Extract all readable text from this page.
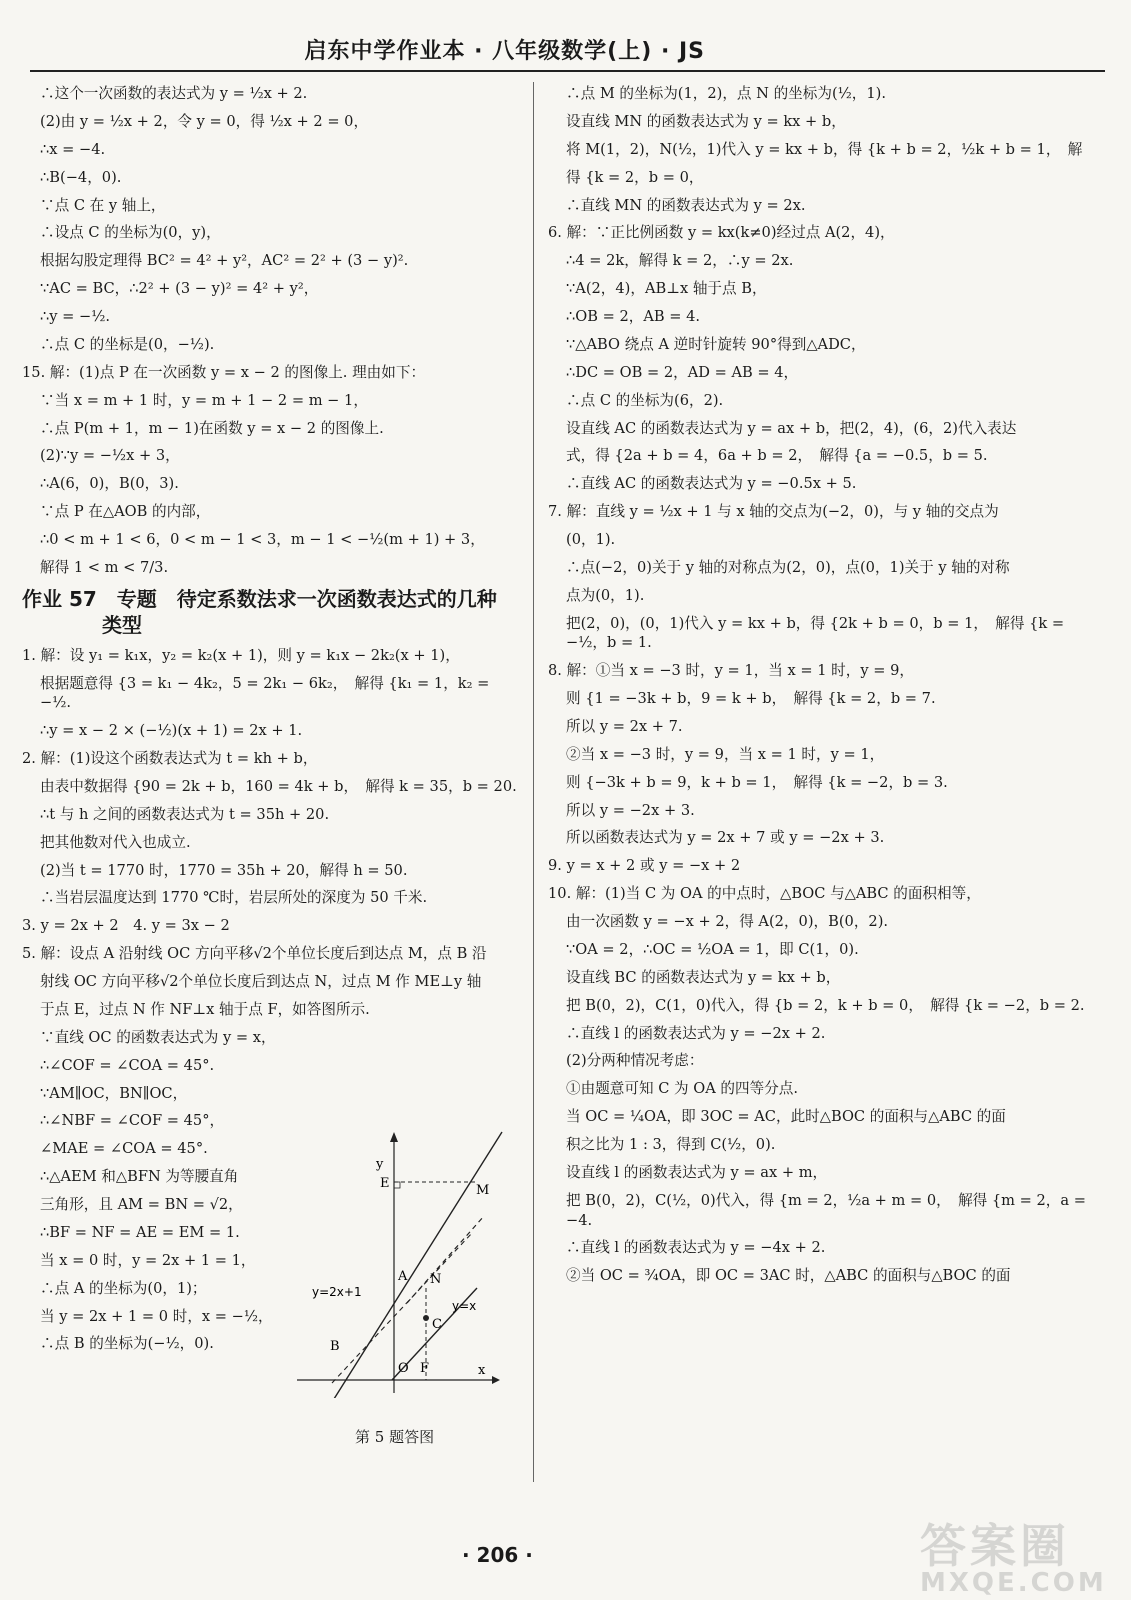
启东中学作业本 · 八年级数学(上) · JS
∴这个一次函数的表达式为 y = ½x + 2.
(2)由 y = ½x + 2，令 y = 0，得 ½x + 2 = 0，
∴x = −4.
∴B(−4，0).
∵点 C 在 y 轴上，
∴设点 C 的坐标为(0，y)，
根据勾股定理得 BC² = 4² + y²，AC² = 2² + (3 − y)².
∵AC = BC，∴2² + (3 − y)² = 4² + y²，
∴y = −½.
∴点 C 的坐标是(0，−½).
15. 解：(1)点 P 在一次函数 y = x − 2 的图像上. 理由如下：
∵当 x = m + 1 时，y = m + 1 − 2 = m − 1，
∴点 P(m + 1，m − 1)在函数 y = x − 2 的图像上.
(2)∵y = −½x + 3，
∴A(6，0)，B(0，3).
∵点 P 在△AOB 的内部，
∴0 < m + 1 < 6，0 < m − 1 < 3，m − 1 < −½(m + 1) + 3，
解得 1 < m < 7/3.
作业 57　专题　待定系数法求一次函数表达式的几种
类型
1. 解：设 y₁ = k₁x，y₂ = k₂(x + 1)，则 y = k₁x − 2k₂(x + 1)，
根据题意得 {3 = k₁ − 4k₂，5 = 2k₁ − 6k₂，　解得 {k₁ = 1，k₂ = −½.
∴y = x − 2 × (−½)(x + 1) = 2x + 1.
2. 解：(1)设这个函数表达式为 t = kh + b，
由表中数据得 {90 = 2k + b，160 = 4k + b，　解得 k = 35，b = 20.
∴t 与 h 之间的函数表达式为 t = 35h + 20.
把其他数对代入也成立.
(2)当 t = 1770 时，1770 = 35h + 20，解得 h = 50.
∴当岩层温度达到 1770 ℃时，岩层所处的深度为 50 千米.
3. y = 2x + 2　4. y = 3x − 2
5. 解：设点 A 沿射线 OC 方向平移√2个单位长度后到达点 M，点 B 沿
射线 OC 方向平移√2个单位长度后到达点 N，过点 M 作 ME⊥y 轴
于点 E，过点 N 作 NF⊥x 轴于点 F，如答图所示.
∵直线 OC 的函数表达式为 y = x，
∴∠COF = ∠COA = 45°.
∵AM∥OC，BN∥OC，
∴∠NBF = ∠COF = 45°，
∠MAE = ∠COA = 45°.
∴△AEM 和△BFN 为等腰直角
三角形，且 AM = BN = √2，
∴BF = NF = AE = EM = 1.
当 x = 0 时，y = 2x + 1 = 1，
∴点 A 的坐标为(0，1)；
当 y = 2x + 1 = 0 时，x = −½，
∴点 B 的坐标为(−½，0).
∴点 M 的坐标为(1，2)，点 N 的坐标为(½，1).
设直线 MN 的函数表达式为 y = kx + b，
将 M(1，2)，N(½，1)代入 y = kx + b，得 {k + b = 2，½k + b = 1，　解
得 {k = 2，b = 0，
∴直线 MN 的函数表达式为 y = 2x.
6. 解：∵正比例函数 y = kx(k≠0)经过点 A(2，4)，
∴4 = 2k，解得 k = 2，∴y = 2x.
∵A(2，4)，AB⊥x 轴于点 B，
∴OB = 2，AB = 4.
∵△ABO 绕点 A 逆时针旋转 90°得到△ADC，
∴DC = OB = 2，AD = AB = 4，
∴点 C 的坐标为(6，2).
设直线 AC 的函数表达式为 y = ax + b，把(2，4)，(6，2)代入表达
式，得 {2a + b = 4，6a + b = 2，　解得 {a = −0.5，b = 5.
∴直线 AC 的函数表达式为 y = −0.5x + 5.
7. 解：直线 y = ½x + 1 与 x 轴的交点为(−2，0)，与 y 轴的交点为
(0，1).
∴点(−2，0)关于 y 轴的对称点为(2，0)，点(0，1)关于 y 轴的对称
点为(0，1).
把(2，0)，(0，1)代入 y = kx + b，得 {2k + b = 0，b = 1，　解得 {k = −½，b = 1.
8. 解：①当 x = −3 时，y = 1，当 x = 1 时，y = 9，
则 {1 = −3k + b，9 = k + b，　解得 {k = 2，b = 7.
所以 y = 2x + 7.
②当 x = −3 时，y = 9，当 x = 1 时，y = 1，
则 {−3k + b = 9，k + b = 1，　解得 {k = −2，b = 3.
所以 y = −2x + 3.
所以函数表达式为 y = 2x + 7 或 y = −2x + 3.
9. y = x + 2 或 y = −x + 2
10. 解：(1)当 C 为 OA 的中点时，△BOC 与△ABC 的面积相等，
由一次函数 y = −x + 2，得 A(2，0)，B(0，2).
∵OA = 2，∴OC = ½OA = 1，即 C(1，0).
设直线 BC 的函数表达式为 y = kx + b，
把 B(0，2)，C(1，0)代入，得 {b = 2，k + b = 0，　解得 {k = −2，b = 2.
∴直线 l 的函数表达式为 y = −2x + 2.
(2)分两种情况考虑：
①由题意可知 C 为 OA 的四等分点.
当 OC = ¼OA，即 3OC = AC，此时△BOC 的面积与△ABC 的面
积之比为 1 : 3，得到 C(½，0).
设直线 l 的函数表达式为 y = ax + m，
把 B(0，2)，C(½，0)代入，得 {m = 2，½a + m = 0，　解得 {m = 2，a = −4.
∴直线 l 的函数表达式为 y = −4x + 2.
②当 OC = ¾OA，即 OC = 3AC 时，△ABC 的面积与△BOC 的面
y
x
O F
E	M
A N
C
B
y=2x+1
y=x
第 5 题答图
· 206 ·	答案圈
MXQE.COM
